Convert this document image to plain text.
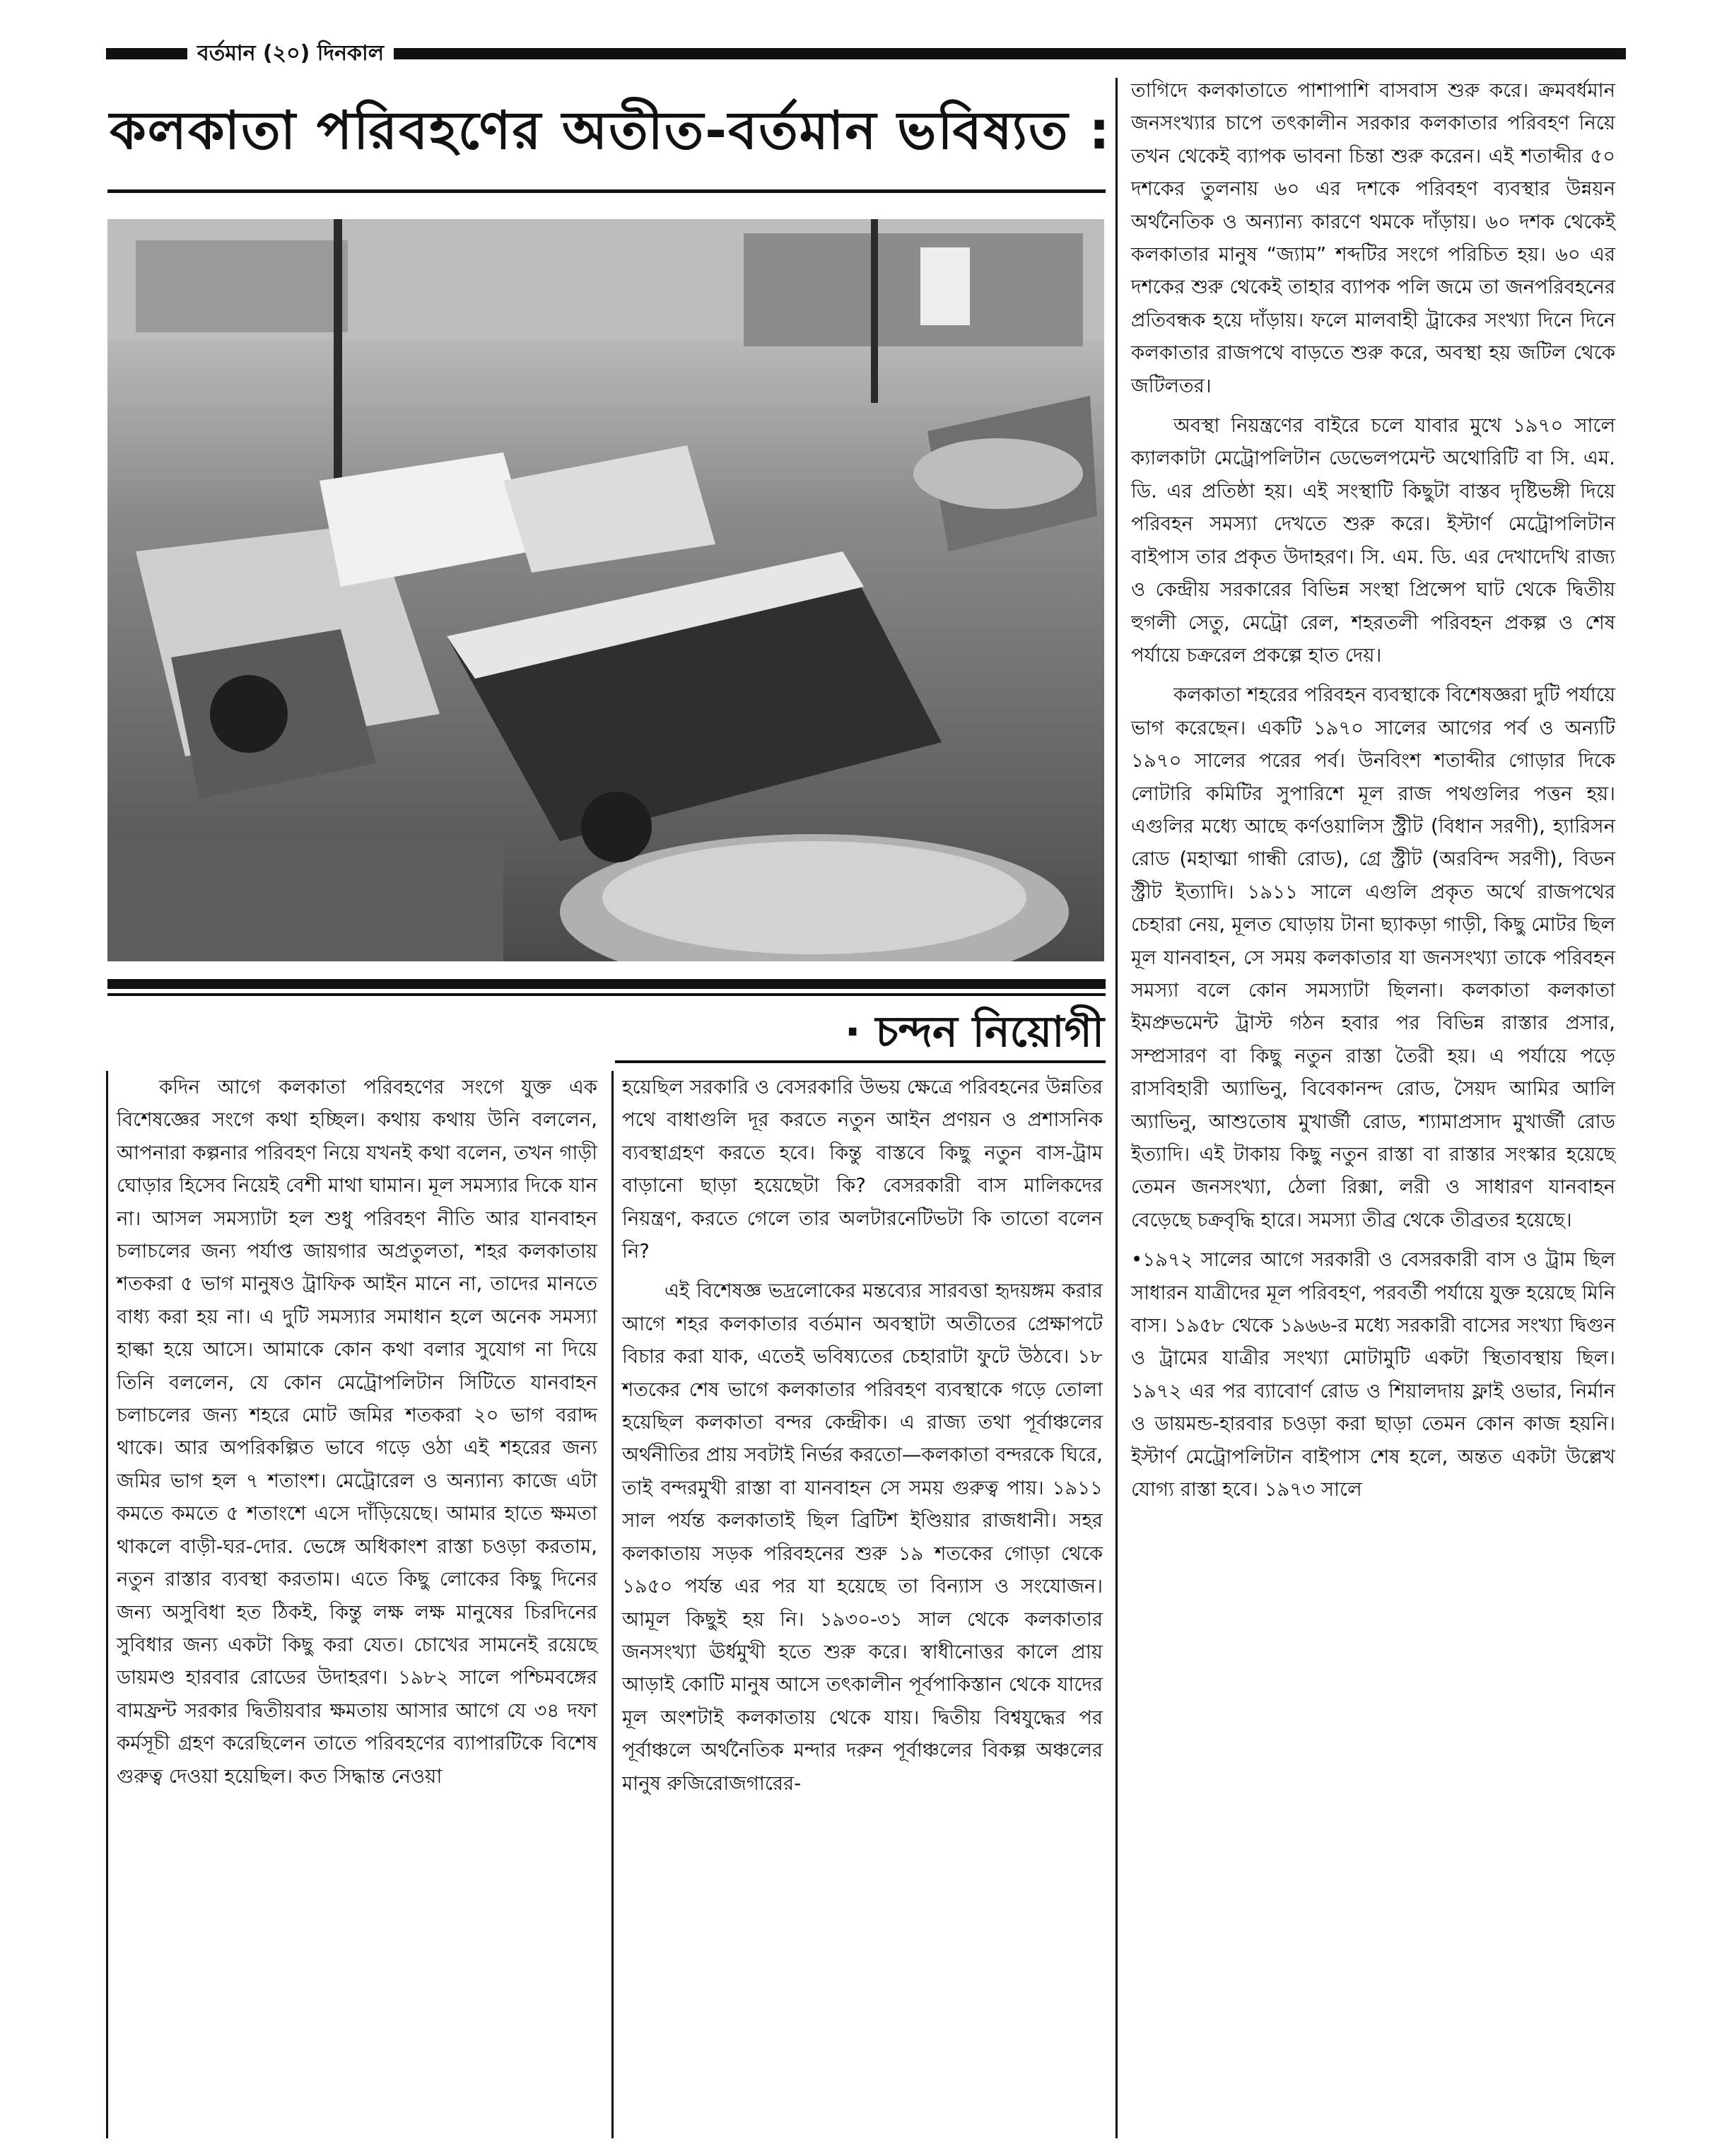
বর্তমান (২০) দিনকাল
কলকাতা পরিবহণের অতীত-বর্তমান ভবিষ্যত :
· চন্দন নিয়োগী

তাগিদে কলকাতাতে পাশাপাশি বাসবাস শুরু করে। ক্রমবর্ধমান জনসংখ্যার চাপে তৎকালীন সরকার কলকাতার পরিবহণ নিয়ে তখন থেকেই ব্যাপক ভাবনা চিন্তা শুরু করেন। এই শতাব্দীর ৫০ দশকের তুলনায় ৬০ এর দশকে পরিবহণ ব্যবস্থার উন্নয়ন অর্থনৈতিক ও অন্যান্য কারণে থমকে দাঁড়ায়। ৬০ দশক থেকেই কলকাতার মানুষ “জ্যাম” শব্দটির সংগে পরিচিত হয়। ৬০ এর দশকের শুরু থেকেই তাহার ব্যাপক পলি জমে তা জনপরিবহনের প্রতিবন্ধক হয়ে দাঁড়ায়। ফলে মালবাহী ট্রাকের সংখ্যা দিনে দিনে কলকাতার রাজপথে বাড়তে শুরু করে, অবস্থা হয় জটিল থেকে জটিলতর।

অবস্থা নিয়ন্ত্রণের বাইরে চলে যাবার মুখে ১৯৭০ সালে ক্যালকাটা মেট্রোপলিটান ডেভেলপমেন্ট অথোরিটি বা সি. এম. ডি. এর প্রতিষ্ঠা হয়। এই সংস্থাটি কিছুটা বাস্তব দৃষ্টিভঙ্গী দিয়ে পরিবহন সমস্যা দেখতে শুরু করে। ইস্টার্ণ মেট্রোপলিটান বাইপাস তার প্রকৃত উদাহরণ। সি. এম. ডি. এর দেখাদেখি রাজ্য ও কেন্দ্রীয় সরকারের বিভিন্ন সংস্থা প্রিন্সেপ ঘাট থেকে দ্বিতীয় হুগলী সেতু, মেট্রো রেল, শহরতলী পরিবহন প্রকল্প ও শেষ পর্যায়ে চক্ররেল প্রকল্পে হাত দেয়।

কলকাতা শহরের পরিবহন ব্যবস্থাকে বিশেষজ্ঞরা দুটি পর্যায়ে ভাগ করেছেন। একটি ১৯৭০ সালের আগের পর্ব ও অন্যটি ১৯৭০ সালের পরের পর্ব। উনবিংশ শতাব্দীর গোড়ার দিকে লোটারি কমিটির সুপারিশে মূল রাজ পথগুলির পত্তন হয়। এগুলির মধ্যে আছে কর্ণওয়ালিস স্ট্রীট (বিধান সরণী), হ্যারিসন রোড (মহাত্মা গান্ধী রোড), গ্রে স্ট্রীট (অরবিন্দ সরণী), বিডন স্ট্রীট ইত্যাদি। ১৯১১ সালে এগুলি প্রকৃত অর্থে রাজপথের চেহারা নেয়, মূলত ঘোড়ায় টানা ছ্যাকড়া গাড়ী, কিছু মোটর ছিল মূল যানবাহন, সে সময় কলকাতার যা জনসংখ্যা তাকে পরিবহন সমস্যা বলে কোন সমস্যাটা ছিলনা। কলকাতা কলকাতা ইমপ্রুভমেন্ট ট্রাস্ট গঠন হবার পর বিভিন্ন রাস্তার প্রসার, সম্প্রসারণ বা কিছু নতুন রাস্তা তৈরী হয়। এ পর্যায়ে পড়ে রাসবিহারী অ্যাভিনু, বিবেকানন্দ রোড, সৈয়দ আমির আলি অ্যাভিনু, আশুতোষ মুখার্জী রোড, শ্যামাপ্রসাদ মুখার্জী রোড ইত্যাদি। এই টাকায় কিছু নতুন রাস্তা বা রাস্তার সংস্কার হয়েছে তেমন জনসংখ্যা, ঠেলা রিক্সা, লরী ও সাধারণ যানবাহন বেড়েছে চক্রবৃদ্ধি হারে। সমস্যা তীব্র থেকে তীব্রতর হয়েছে।

•১৯৭২ সালের আগে সরকারী ও বেসরকারী বাস ও ট্রাম ছিল সাধারন যাত্রীদের মূল পরিবহণ, পরবর্তী পর্যায়ে যুক্ত হয়েছে মিনি বাস। ১৯৫৮ থেকে ১৯৬৬-র মধ্যে সরকারী বাসের সংখ্যা দ্বিগুন ও ট্রামের যাত্রীর সংখ্যা মোটামুটি একটা স্থিতাবস্থায় ছিল। ১৯৭২ এর পর ব্যাবোর্ণ রোড ও শিয়ালদায় ফ্লাই ওভার, নির্মান ও ডায়মন্ড-হারবার চওড়া করা ছাড়া তেমন কোন কাজ হয়নি। ইস্টার্ণ মেট্রোপলিটান বাইপাস শেষ হলে, অন্তত একটা উল্লেখ যোগ্য রাস্তা হবে। ১৯৭৩ সালে

কদিন আগে কলকাতা পরিবহণের সংগে যুক্ত এক বিশেষজ্ঞের সংগে কথা হচ্ছিল। কথায় কথায় উনি বললেন, আপনারা কল্পনার পরিবহণ নিয়ে যখনই কথা বলেন, তখন গাড়ী ঘোড়ার হিসেব নিয়েই বেশী মাথা ঘামান। মূল সমস্যার দিকে যান না। আসল সমস্যাটা হল শুধু পরিবহণ নীতি আর যানবাহন চলাচলের জন্য পর্যাপ্ত জায়গার অপ্রতুলতা, শহর কলকাতায় শতকরা ৫ ভাগ মানুষও ট্রাফিক আইন মানে না, তাদের মানতে বাধ্য করা হয় না। এ দুটি সমস্যার সমাধান হলে অনেক সমস্যা হাল্কা হয়ে আসে। আমাকে কোন কথা বলার সুযোগ না দিয়ে তিনি বললেন, যে কোন মেট্রোপলিটান সিটিতে যানবাহন চলাচলের জন্য শহরে মোট জমির শতকরা ২০ ভাগ বরাদ্দ থাকে। আর অপরিকল্পিত ভাবে গড়ে ওঠা এই শহরের জন্য জমির ভাগ হল ৭ শতাংশ। মেট্রোরেল ও অন্যান্য কাজে এটা কমতে কমতে ৫ শতাংশে এসে দাঁড়িয়েছে। আমার হাতে ক্ষমতা থাকলে বাড়ী-ঘর-দোর. ভেঙ্গে অধিকাংশ রাস্তা চওড়া করতাম, নতুন রাস্তার ব্যবস্থা করতাম। এতে কিছু লোকের কিছু দিনের জন্য অসুবিধা হত ঠিকই, কিন্তু লক্ষ লক্ষ মানুষের চিরদিনের সুবিধার জন্য একটা কিছু করা যেত। চোখের সামনেই রয়েছে ডায়মণ্ড হারবার রোডের উদাহরণ। ১৯৮২ সালে পশ্চিমবঙ্গের বামফ্রন্ট সরকার দ্বিতীয়বার ক্ষমতায় আসার আগে যে ৩৪ দফা কর্মসূচী গ্রহণ করেছিলেন তাতে পরিবহণের ব্যাপারটিকে বিশেষ গুরুত্ব দেওয়া হয়েছিল। কত সিদ্ধান্ত নেওয়া

হয়েছিল সরকারি ও বেসরকারি উভয় ক্ষেত্রে পরিবহনের উন্নতির পথে বাধাগুলি দূর করতে নতুন আইন প্রণয়ন ও প্রশাসনিক ব্যবস্থাগ্রহণ করতে হবে। কিন্তু বাস্তবে কিছু নতুন বাস-ট্রাম বাড়ানো ছাড়া হয়েছেটা কি? বেসরকারী বাস মালিকদের নিয়ন্ত্রণ, করতে গেলে তার অলটারনেটিভটা কি তাতো বলেন নি?

এই বিশেষজ্ঞ ভদ্রলোকের মন্তব্যের সারবত্তা হৃদয়ঙ্গম করার আগে শহর কলকাতার বর্তমান অবস্থাটা অতীতের প্রেক্ষাপটে বিচার করা যাক, এতেই ভবিষ্যতের চেহারাটা ফুটে উঠবে। ১৮ শতকের শেষ ভাগে কলকাতার পরিবহণ ব্যবস্থাকে গড়ে তোলা হয়েছিল কলকাতা বন্দর কেন্দ্রীক। এ রাজ্য তথা পূর্বাঞ্চলের অর্থনীতির প্রায় সবটাই নির্ভর করতো—কলকাতা বন্দরকে ঘিরে, তাই বন্দরমুখী রাস্তা বা যানবাহন সে সময় গুরুত্ব পায়। ১৯১১ সাল পর্যন্ত কলকাতাই ছিল ব্রিটিশ ইণ্ডিয়ার রাজধানী। সহর কলকাতায় সড়ক পরিবহনের শুরু ১৯ শতকের গোড়া থেকে ১৯৫০ পর্যন্ত এর পর যা হয়েছে তা বিন্যাস ও সংযোজন। আমূল কিছুই হয় নি। ১৯৩০-৩১ সাল থেকে কলকাতার জনসংখ্যা ঊর্ধমুখী হতে শুরু করে। স্বাধীনোত্তর কালে প্রায় আড়াই কোটি মানুষ আসে তৎকালীন পূর্বপাকিস্তান থেকে যাদের মূল অংশটাই কলকাতায় থেকে যায়। দ্বিতীয় বিশ্বযুদ্ধের পর পূর্বাঞ্চলে অর্থনৈতিক মন্দার দরুন পূর্বাঞ্চলের বিকল্প অঞ্চলের মানুষ রুজিরোজগারের-
